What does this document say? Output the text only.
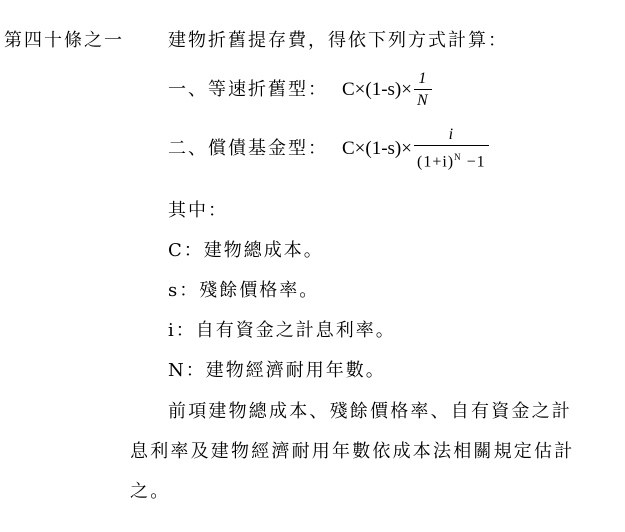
第四十條之一 建物折舊提存費，得依下列方式計算：
一、等速折舊型： $C\times(1-s)\times \frac{1}{N}$
二、償債基金型： $C\times(1-s)\times \frac{i}{(1+i)^N -1}$
其中：
C：建物總成本。
s：殘餘價格率。
i：自有資金之計息利率。
N：建物經濟耐用年數。
前項建物總成本、殘餘價格率、自有資金之計
息利率及建物經濟耐用年數依成本法相關規定估計
之。
